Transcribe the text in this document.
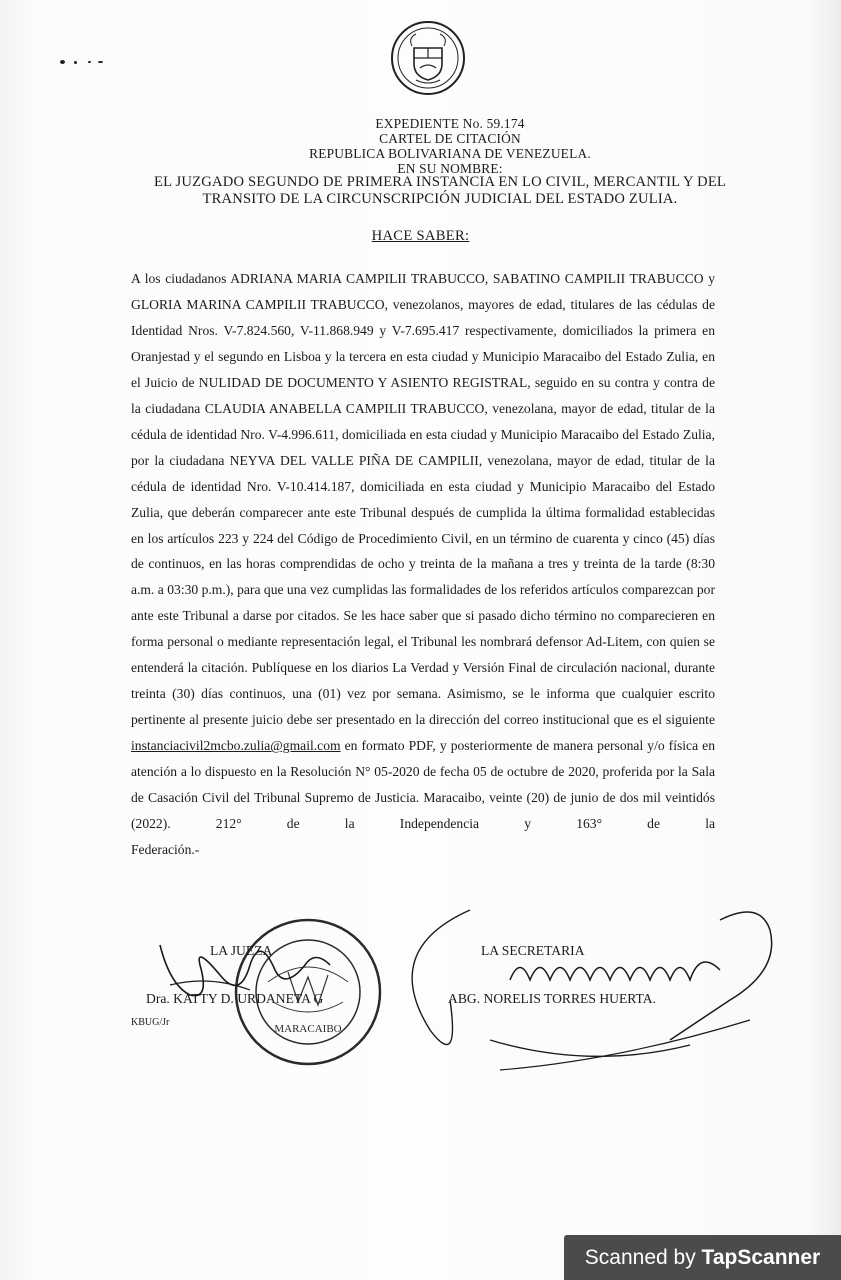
EXPEDIENTE No. 59.174
CARTEL DE CITACIÓN
REPUBLICA BOLIVARIANA DE VENEZUELA.
EN SU NOMBRE:
EL JUZGADO SEGUNDO DE PRIMERA INSTANCIA EN LO CIVIL, MERCANTIL Y DEL
TRANSITO DE LA CIRCUNSCRIPCIÓN JUDICIAL DEL ESTADO ZULIA.
HACE SABER:

A los ciudadanos ADRIANA MARIA CAMPILII TRABUCCO, SABATINO CAMPILII TRABUCCO y GLORIA MARINA CAMPILII TRABUCCO, venezolanos, mayores de edad, titulares de las cédulas de Identidad Nros. V-7.824.560, V-11.868.949 y V-7.695.417 respectivamente, domiciliados la primera en Oranjestad y el segundo en Lisboa y la tercera en esta ciudad y Municipio Maracaibo del Estado Zulia, en el Juicio de NULIDAD DE DOCUMENTO Y ASIENTO REGISTRAL, seguido en su contra y contra de la ciudadana CLAUDIA ANABELLA CAMPILII TRABUCCO, venezolana, mayor de edad, titular de la cédula de identidad Nro. V-4.996.611, domiciliada en esta ciudad y Municipio Maracaibo del Estado Zulia, por la ciudadana NEYVA DEL VALLE PIÑA DE CAMPILII, venezolana, mayor de edad, titular de la cédula de identidad Nro. V-10.414.187, domiciliada en esta ciudad y Municipio Maracaibo del Estado Zulia, que deberán comparecer ante este Tribunal después de cumplida la última formalidad establecidas en los artículos 223 y 224 del Código de Procedimiento Civil, en un término de cuarenta y cinco (45) días de continuos, en las horas comprendidas de ocho y treinta de la mañana a tres y treinta de la tarde (8:30 a.m. a 03:30 p.m.), para que una vez cumplidas las formalidades de los referidos artículos comparezcan por ante este Tribunal a darse por citados. Se les hace saber que si pasado dicho término no comparecieren en forma personal o mediante representación legal, el Tribunal les nombrará defensor Ad-Litem, con quien se entenderá la citación. Publíquese en los diarios La Verdad y Versión Final de circulación nacional, durante treinta (30) días continuos, una (01) vez por semana. Asimismo, se le informa que cualquier escrito pertinente al presente juicio debe ser presentado en la dirección del correo institucional que es el siguiente instanciacivil2mcbo.zulia@gmail.com en formato PDF, y posteriormente de manera personal y/o física en atención a lo dispuesto en la Resolución N° 05-2020 de fecha 05 de octubre de 2020, proferida por la Sala de Casación Civil del Tribunal Supremo de Justicia. Maracaibo, veinte (20) de junio de dos mil veintidós (2022). 212° de la Independencia y 163° de la

Federación.-

MARACAIBO
LA JUEZA	LA SECRETARIA
Dra. KATTY D. URDANETA G	ABG. NORELIS TORRES HUERTA.
KBUG/Jr
Scanned by TapScanner
